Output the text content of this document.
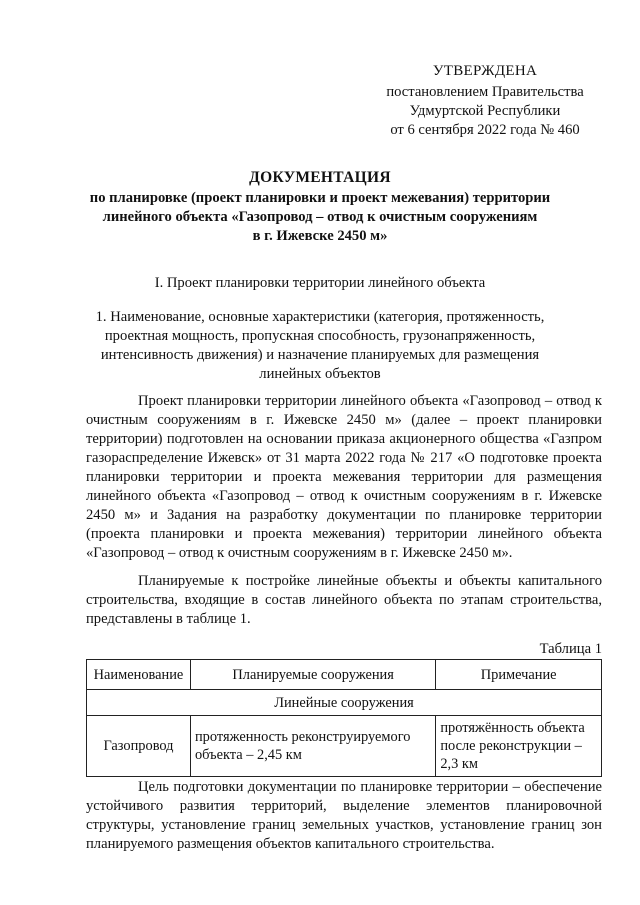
УТВЕРЖДЕНА
постановлением Правительства
Удмуртской Республики
от 6 сентября 2022 года № 460
ДОКУМЕНТАЦИЯ
по планировке (проект планировки и проект межевания) территории
линейного объекта «Газопровод – отвод к очистным сооружениям
в г. Ижевске 2450 м»
I. Проект планировки территории линейного объекта
1. Наименование, основные характеристики (категория, протяженность, проектная мощность, пропускная способность, грузонапряженность, интенсивность движения) и назначение планируемых для размещения линейных объектов
Проект планировки территории линейного объекта «Газопровод – отвод к очистным сооружениям в г. Ижевске 2450 м» (далее – проект планировки территории) подготовлен на основании приказа акционерного общества «Газпром газораспределение Ижевск» от 31 марта 2022 года № 217 «О подготовке проекта планировки территории и проекта межевания территории для размещения линейного объекта «Газопровод – отвод к очистным сооружениям в г. Ижевске 2450 м» и Задания на разработку документации по планировке территории (проекта планировки и проекта межевания) территории линейного объекта «Газопровод – отвод к очистным сооружениям в г. Ижевске 2450 м».
Планируемые к постройке линейные объекты и объекты капитального строительства, входящие в состав линейного объекта по этапам строительства, представлены в таблице 1.
Таблица 1
Наименование	Планируемые сооружения	Примечание
Линейные сооружения		
Газопровод	протяженность реконструируемого объекта – 2,45 км	протяжённость объекта после реконструкции – 2,3 км
Цель подготовки документации по планировке территории – обеспечение устойчивого развития территорий, выделение элементов планировочной структуры, установление границ земельных участков, установление границ зон планируемого размещения объектов капитального строительства.
